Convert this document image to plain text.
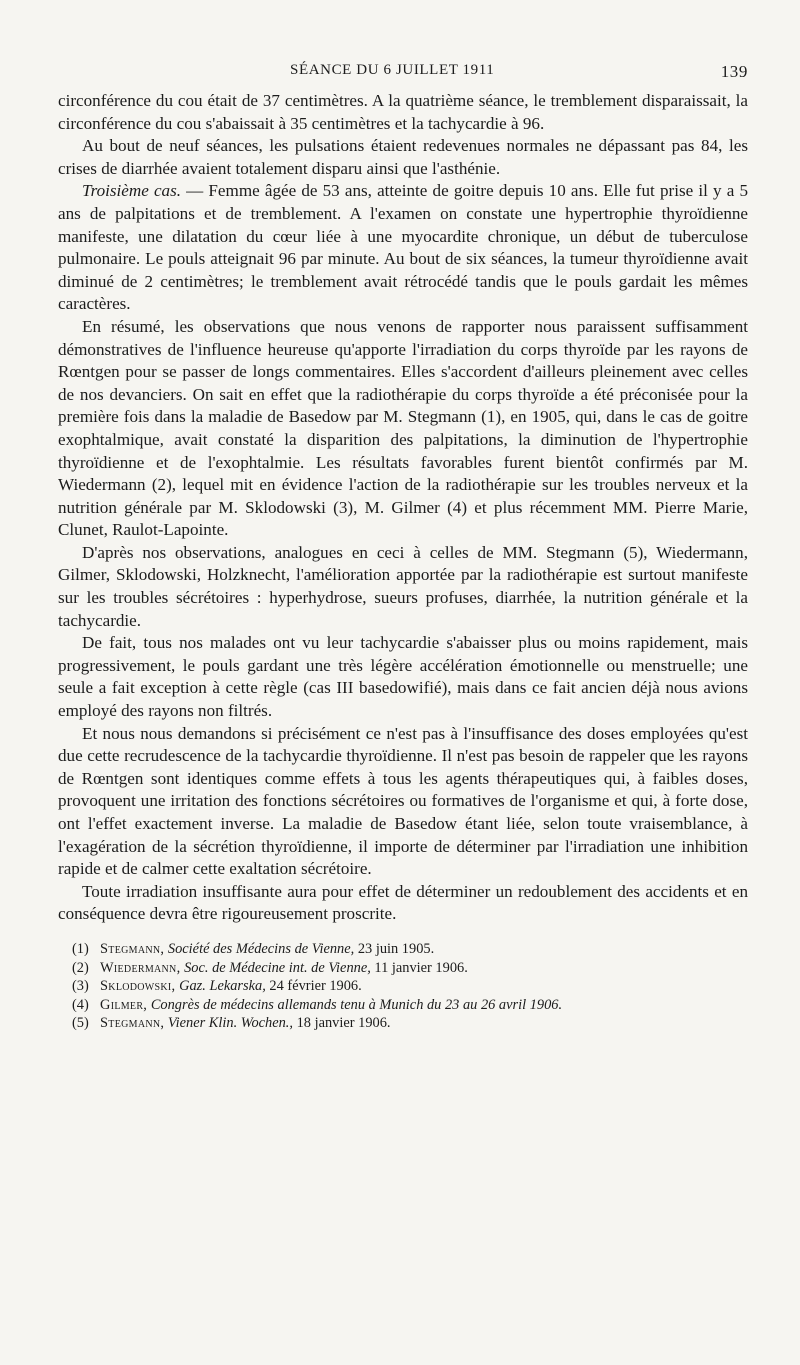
SÉANCE DU 6 JUILLET 1911	139

circonférence du cou était de 37 centimètres. A la quatrième séance, le tremblement disparaissait, la circonférence du cou s'abaissait à 35 centimètres et la tachycardie à 96.

Au bout de neuf séances, les pulsations étaient redevenues normales ne dépassant pas 84, les crises de diarrhée avaient totalement disparu ainsi que l'asthénie.

Troisième cas. — Femme âgée de 53 ans, atteinte de goitre depuis 10 ans. Elle fut prise il y a 5 ans de palpitations et de tremblement. A l'examen on constate une hypertrophie thyroïdienne manifeste, une dilatation du cœur liée à une myocardite chronique, un début de tuberculose pulmonaire. Le pouls atteignait 96 par minute. Au bout de six séances, la tumeur thyroïdienne avait diminué de 2 centimètres; le tremblement avait rétrocédé tandis que le pouls gardait les mêmes caractères.

En résumé, les observations que nous venons de rapporter nous paraissent suffisamment démonstratives de l'influence heureuse qu'apporte l'irradiation du corps thyroïde par les rayons de Rœntgen pour se passer de longs commentaires. Elles s'accordent d'ailleurs pleinement avec celles de nos devanciers. On sait en effet que la radiothérapie du corps thyroïde a été préconisée pour la première fois dans la maladie de Basedow par M. Stegmann (1), en 1905, qui, dans le cas de goitre exophtalmique, avait constaté la disparition des palpitations, la diminution de l'hypertrophie thyroïdienne et de l'exophtalmie. Les résultats favorables furent bientôt confirmés par M. Wiedermann (2), lequel mit en évidence l'action de la radiothérapie sur les troubles nerveux et la nutrition générale par M. Sklodowski (3), M. Gilmer (4) et plus récemment MM. Pierre Marie, Clunet, Raulot-Lapointe.

D'après nos observations, analogues en ceci à celles de MM. Stegmann (5), Wiedermann, Gilmer, Sklodowski, Holzknecht, l'amélioration apportée par la radiothérapie est surtout manifeste sur les troubles sécrétoires : hyperhydrose, sueurs profuses, diarrhée, la nutrition générale et la tachycardie.

De fait, tous nos malades ont vu leur tachycardie s'abaisser plus ou moins rapidement, mais progressivement, le pouls gardant une très légère accélération émotionnelle ou menstruelle; une seule a fait exception à cette règle (cas III basedowifié), mais dans ce fait ancien déjà nous avions employé des rayons non filtrés.

Et nous nous demandons si précisément ce n'est pas à l'insuffisance des doses employées qu'est due cette recrudescence de la tachycardie thyroïdienne. Il n'est pas besoin de rappeler que les rayons de Rœntgen sont identiques comme effets à tous les agents thérapeutiques qui, à faibles doses, provoquent une irritation des fonctions sécrétoires ou formatives de l'organisme et qui, à forte dose, ont l'effet exactement inverse. La maladie de Basedow étant liée, selon toute vraisemblance, à l'exagération de la sécrétion thyroïdienne, il importe de déterminer par l'irradiation une inhibition rapide et de calmer cette exaltation sécrétoire.

Toute irradiation insuffisante aura pour effet de déterminer un redoublement des accidents et en conséquence devra être rigoureusement proscrite.

(1) Stegmann, Société des Médecins de Vienne, 23 juin 1905.
(2) Wiedermann, Soc. de Médecine int. de Vienne, 11 janvier 1906.
(3) Sklodowski, Gaz. Lekarska, 24 février 1906.
(4) Gilmer, Congrès de médecins allemands tenu à Munich du 23 au 26 avril 1906.
(5) Stegmann, Viener Klin. Wochen., 18 janvier 1906.
